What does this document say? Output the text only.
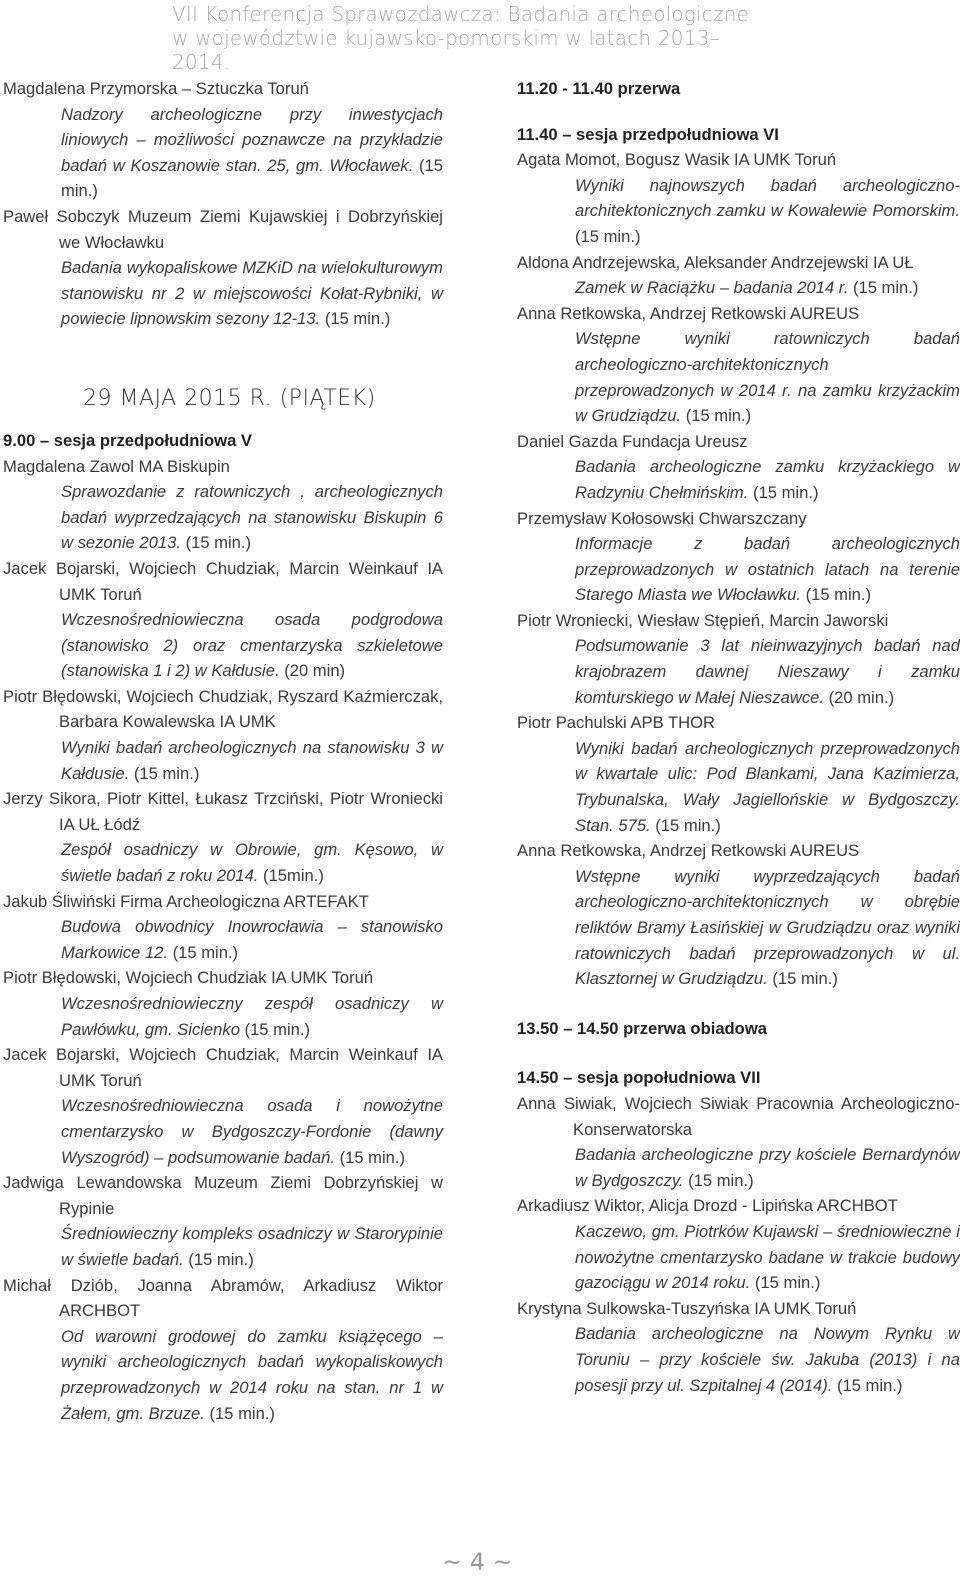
VII Konferencja Sprawozdawcza: Badania archeologiczne
w województwie kujawsko-pomorskim w latach 2013–2014.

Magdalena Przymorska – Sztuczka Toruń

Nadzory archeologiczne przy inwestycjach liniowych – możliwości poznawcze na przykładzie badań w Koszanowie stan. 25, gm. Włocławek. (15 min.)

Paweł Sobczyk Muzeum Ziemi Kujawskiej i Dobrzyńskiej we Włocławku

Badania wykopaliskowe MZKiD na wielokulturowym stanowisku nr 2 w miejscowości Kołat-Rybniki, w powiecie lipnowskim sezony 12-13. (15 min.)

29 MAJA 2015 R. (PIĄTEK)

9.00 – sesja przedpołudniowa V

Magdalena Zawol MA Biskupin

Sprawozdanie z ratowniczych , archeologicznych badań wyprzedzających na stanowisku Biskupin 6 w sezonie 2013. (15 min.)

Jacek Bojarski, Wojciech Chudziak, Marcin Weinkauf IA UMK Toruń

Wczesnośredniowieczna osada podgrodowa (stanowisko 2) oraz cmentarzyska szkieletowe (stanowiska 1 i 2) w Kałdusie. (20 min)

Piotr Błędowski, Wojciech Chudziak, Ryszard Kaźmierczak, Barbara Kowalewska IA UMK

Wyniki badań archeologicznych na stanowisku 3 w Kałdusie. (15 min.)

Jerzy Sikora, Piotr Kittel, Łukasz Trzciński, Piotr Wroniecki IA UŁ Łódź

Zespół osadniczy w Obrowie, gm. Kęsowo, w świetle badań z roku 2014. (15min.)

Jakub Śliwiński Firma Archeologiczna ARTEFAKT

Budowa obwodnicy Inowrocławia – stanowisko Markowice 12. (15 min.)

Piotr Błędowski, Wojciech Chudziak IA UMK Toruń

Wczesnośredniowieczny zespół osadniczy w Pawłówku, gm. Sicienko (15 min.)

Jacek Bojarski, Wojciech Chudziak, Marcin Weinkauf IA UMK Toruń

Wczesnośredniowieczna osada i nowożytne cmentarzysko w Bydgoszczy-Fordonie (dawny Wyszogród) – podsumowanie badań. (15 min.)

Jadwiga Lewandowska Muzeum Ziemi Dobrzyńskiej w Rypinie

Średniowieczny kompleks osadniczy w Starorypinie w świetle badań. (15 min.)

Michał Dziób, Joanna Abramów, Arkadiusz Wiktor ARCHBOT

Od warowni grodowej do zamku książęcego – wyniki archeologicznych badań wykopaliskowych przeprowadzonych w 2014 roku na stan. nr 1 w Żałem, gm. Brzuze. (15 min.)

11.20 - 11.40 przerwa

11.40 – sesja przedpołudniowa VI

Agata Momot, Bogusz Wasik IA UMK Toruń

Wyniki najnowszych badań archeologiczno-architektonicznych zamku w Kowalewie Pomorskim. (15 min.)

Aldona Andrzejewska, Aleksander Andrzejewski IA UŁ

Zamek w Raciążku – badania 2014 r. (15 min.)

Anna Retkowska, Andrzej Retkowski AUREUS

Wstępne wyniki ratowniczych badań archeologiczno-architektonicznych przeprowadzonych w 2014 r. na zamku krzyżackim w Grudziądzu. (15 min.)

Daniel Gazda Fundacja Ureusz

Badania archeologiczne zamku krzyżackiego w Radzyniu Chełmińskim. (15 min.)

Przemysław Kołosowski Chwarszczany

Informacje z badań archeologicznych przeprowadzonych w ostatnich latach na terenie Starego Miasta we Włocławku. (15 min.)

Piotr Wroniecki, Wiesław Stępień, Marcin Jaworski

Podsumowanie 3 lat nieinwazyjnych badań nad krajobrazem dawnej Nieszawy i zamku komturskiego w Małej Nieszawce. (20 min.)

Piotr Pachulski APB THOR

Wyniki badań archeologicznych przeprowadzonych w kwartale ulic: Pod Blankami, Jana Kazimierza, Trybunalska, Wały Jagiellońskie w Bydgoszczy. Stan. 575. (15 min.)

Anna Retkowska, Andrzej Retkowski AUREUS

Wstępne wyniki wyprzedzających badań archeologiczno-architektonicznych w obrębie reliktów Bramy Łasińskiej w Grudziądzu oraz wyniki ratowniczych badań przeprowadzonych w ul. Klasztornej w Grudziądzu. (15 min.)

13.50 – 14.50 przerwa obiadowa

14.50 – sesja popołudniowa VII

Anna Siwiak, Wojciech Siwiak Pracownia Archeologiczno-Konserwatorska

Badania archeologiczne przy kościele Bernardynów w Bydgoszczy. (15 min.)

Arkadiusz Wiktor, Alicja Drozd - Lipińska ARCHBOT

Kaczewo, gm. Piotrków Kujawski – średniowieczne i nowożytne cmentarzysko badane w trakcie budowy gazociągu w 2014 roku. (15 min.)

Krystyna Sulkowska-Tuszyńska IA UMK Toruń

Badania archeologiczne na Nowym Rynku w Toruniu – przy kościele św. Jakuba (2013) i na posesji przy ul. Szpitalnej 4 (2014). (15 min.)

~ 4 ~
